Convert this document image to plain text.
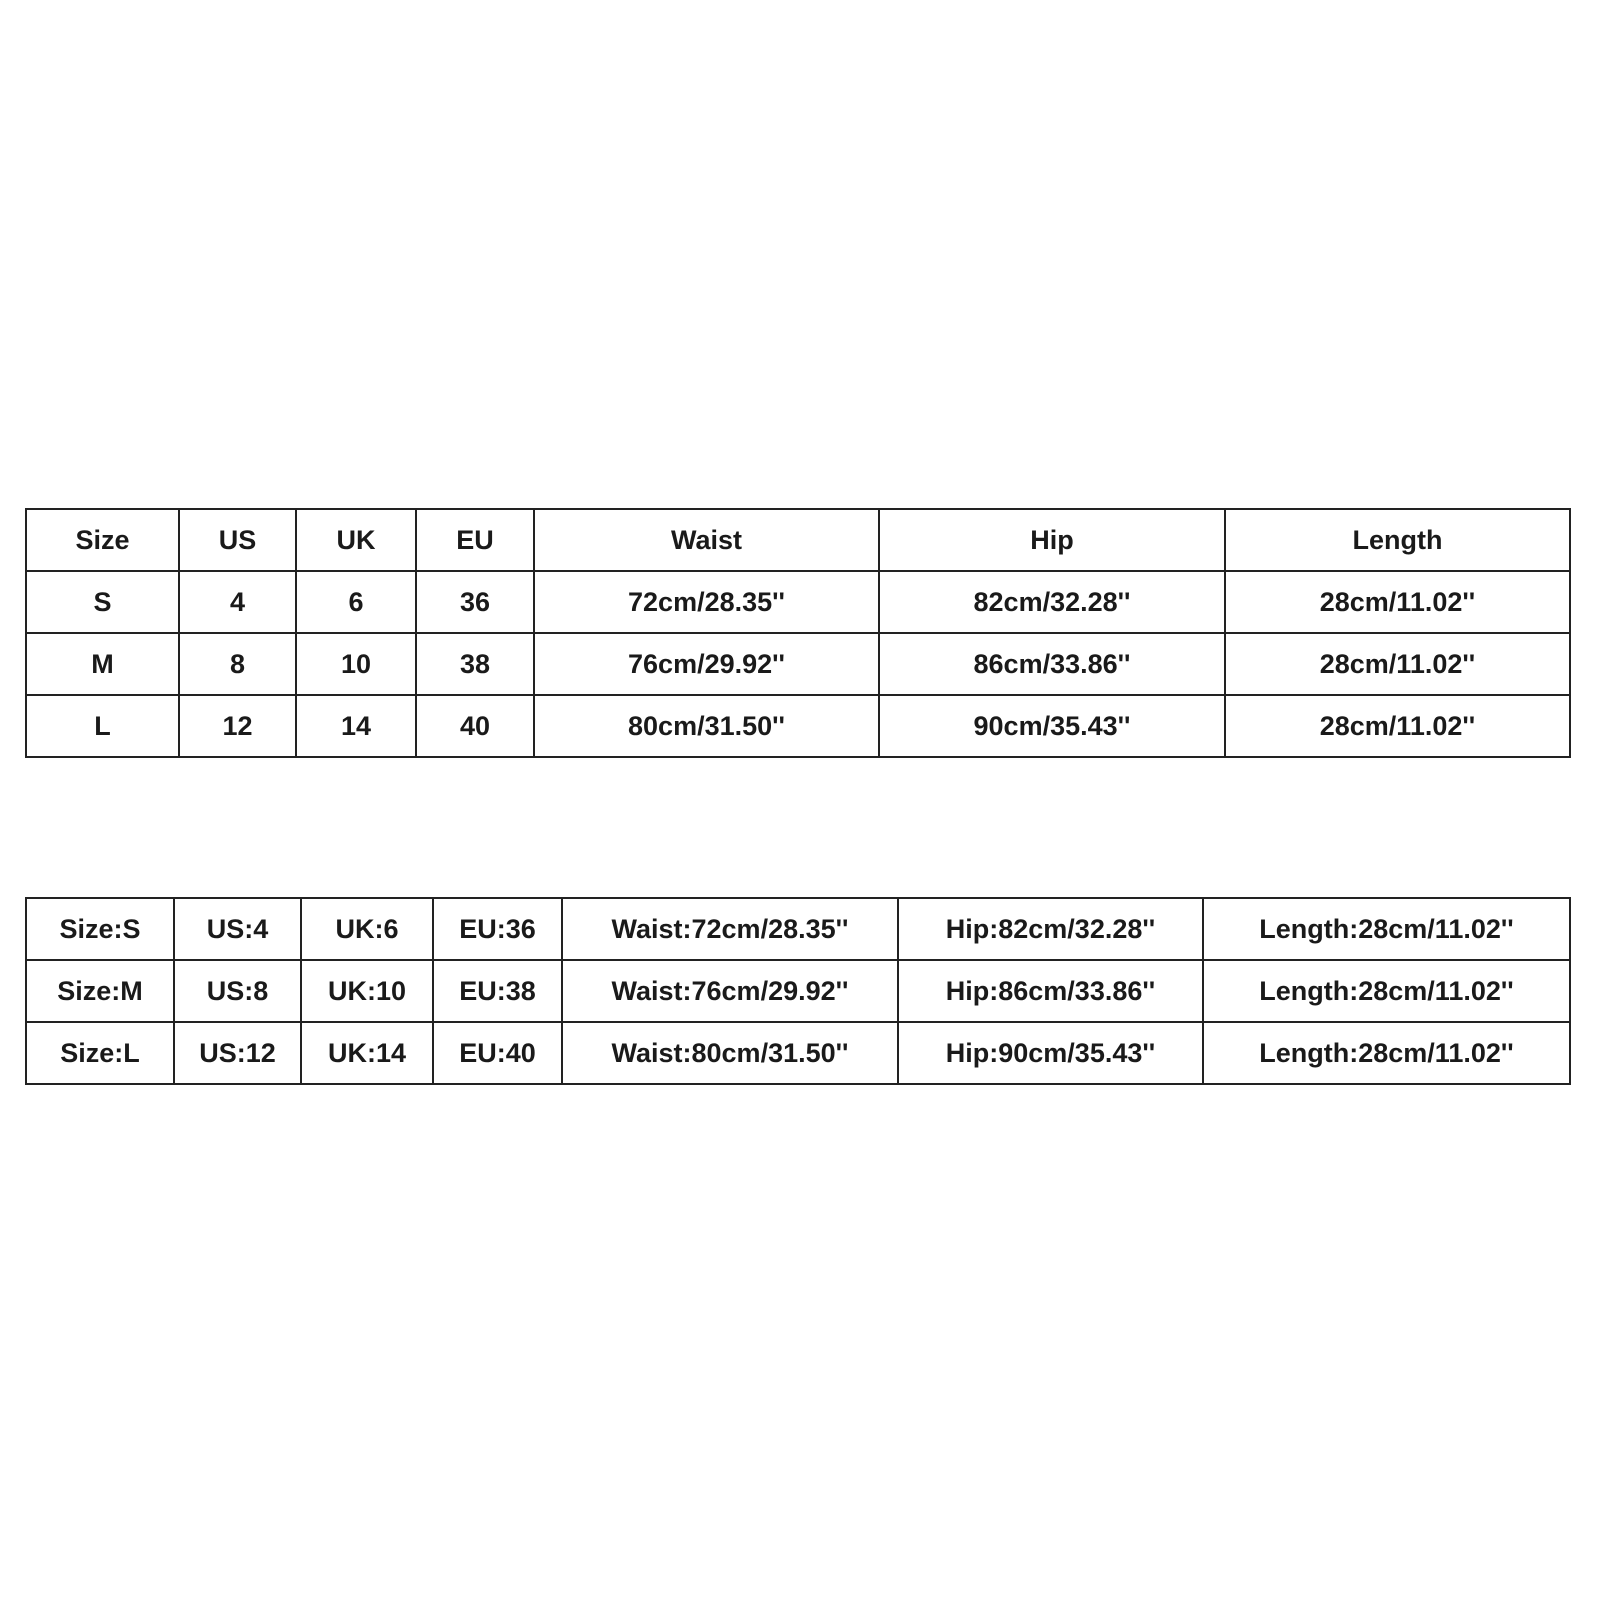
Size	US	UK	EU	Waist	Hip	Length
S	4	6	36	72cm/28.35''	82cm/32.28''	28cm/11.02''
M	8	10	38	76cm/29.92''	86cm/33.86''	28cm/11.02''
L	12	14	40	80cm/31.50''	90cm/35.43''	28cm/11.02''
Size:S	US:4	UK:6	EU:36	Waist:72cm/28.35''	Hip:82cm/32.28''	Length:28cm/11.02''
Size:M	US:8	UK:10	EU:38	Waist:76cm/29.92''	Hip:86cm/33.86''	Length:28cm/11.02''
Size:L	US:12	UK:14	EU:40	Waist:80cm/31.50''	Hip:90cm/35.43''	Length:28cm/11.02''
